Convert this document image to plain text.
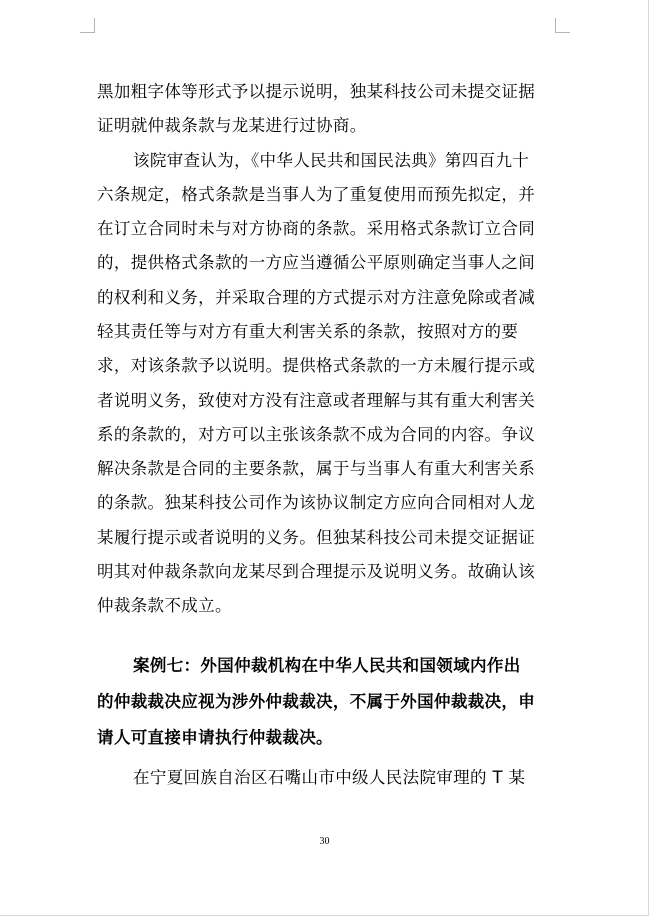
黑加粗字体等形式予以提示说明，独某科技公司未提交证据
证明就仲裁条款与龙某进行过协商。

该院审查认为，《中华人民共和国民法典》第四百九十
六条规定，格式条款是当事人为了重复使用而预先拟定，并
在订立合同时未与对方协商的条款。采用格式条款订立合同
的，提供格式条款的一方应当遵循公平原则确定当事人之间
的权利和义务，并采取合理的方式提示对方注意免除或者减
轻其责任等与对方有重大利害关系的条款，按照对方的要
求，对该条款予以说明。提供格式条款的一方未履行提示或
者说明义务，致使对方没有注意或者理解与其有重大利害关
系的条款的，对方可以主张该条款不成为合同的内容。争议
解决条款是合同的主要条款，属于与当事人有重大利害关系
的条款。独某科技公司作为该协议制定方应向合同相对人龙
某履行提示或者说明的义务。但独某科技公司未提交证据证
明其对仲裁条款向龙某尽到合理提示及说明义务。故确认该
仲裁条款不成立。

案例七：外国仲裁机构在中华人民共和国领域内作出
的仲裁裁决应视为涉外仲裁裁决，不属于外国仲裁裁决，申
请人可直接申请执行仲裁裁决。

在宁夏回族自治区石嘴山市中级人民法院审理的 T 某

30
